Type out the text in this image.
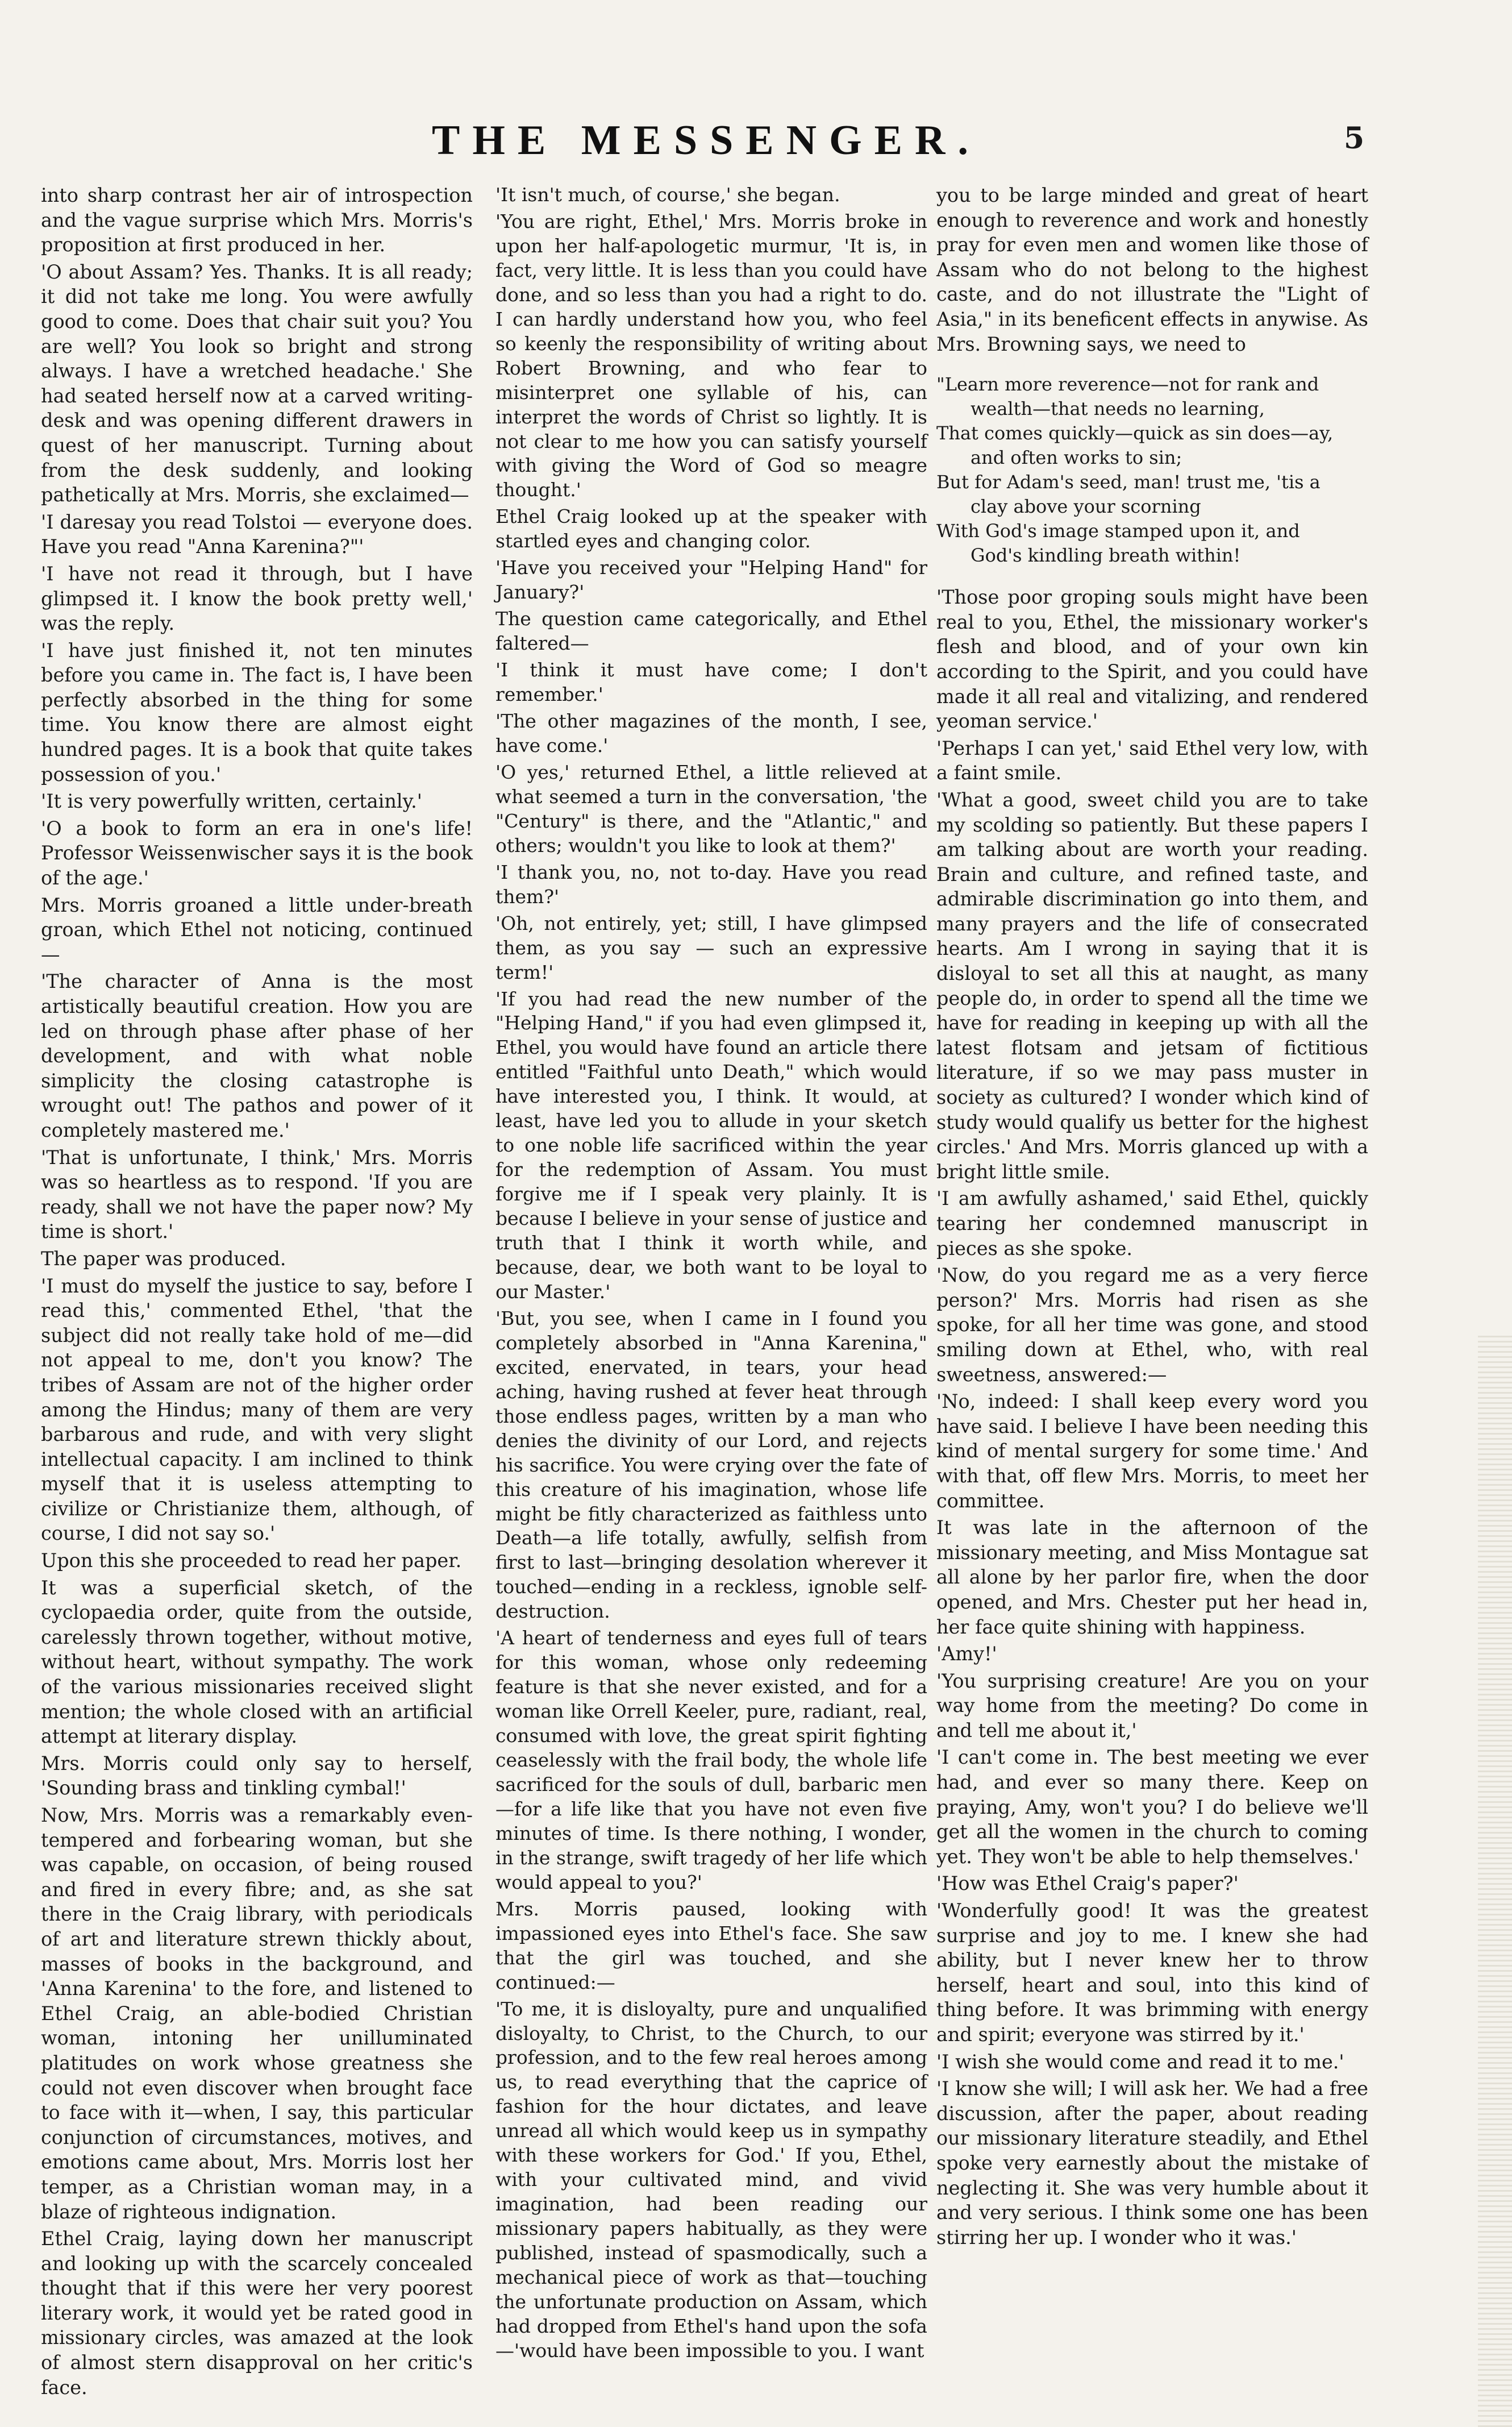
THE MESSENGER.	5

into sharp contrast her air of introspection and the vague surprise which Mrs. Morris's proposition at first produced in her.

'O about Assam? Yes. Thanks. It is all ready; it did not take me long. You were awfully good to come. Does that chair suit you? You are well? You look so bright and strong always. I have a wretched headache.' She had seated herself now at a carved writing-desk and was opening different drawers in quest of her manuscript. Turning about from the desk suddenly, and looking pathetically at Mrs. Morris, she exclaimed—

'I daresay you read Tolstoi — everyone does. Have you read "Anna Karenina?"'

'I have not read it through, but I have glimpsed it. I know the book pretty well,' was the reply.

'I have just finished it, not ten minutes before you came in. The fact is, I have been perfectly absorbed in the thing for some time. You know there are almost eight hundred pages. It is a book that quite takes possession of you.'

'It is very powerfully written, certainly.'

'O a book to form an era in one's life! Professor Weissenwischer says it is the book of the age.'

Mrs. Morris groaned a little under-breath groan, which Ethel not noticing, continued—

'The character of Anna is the most artistically beautiful creation. How you are led on through phase after phase of her development, and with what noble simplicity the closing catastrophe is wrought out! The pathos and power of it completely mastered me.'

'That is unfortunate, I think,' Mrs. Morris was so heartless as to respond. 'If you are ready, shall we not have the paper now? My time is short.'

The paper was produced.

'I must do myself the justice to say, before I read this,' commented Ethel, 'that the subject did not really take hold of me—did not appeal to me, don't you know? The tribes of Assam are not of the higher order among the Hindus; many of them are very barbarous and rude, and with very slight intellectual capacity. I am inclined to think myself that it is useless attempting to civilize or Christianize them, although, of course, I did not say so.'

Upon this she proceeded to read her paper.

It was a superficial sketch, of the cyclopaedia order, quite from the outside, carelessly thrown together, without motive, without heart, without sympathy. The work of the various missionaries received slight mention; the whole closed with an artificial attempt at literary display.

Mrs. Morris could only say to herself, 'Sounding brass and tinkling cymbal!'

Now, Mrs. Morris was a remarkably even-tempered and forbearing woman, but she was capable, on occasion, of being roused and fired in every fibre; and, as she sat there in the Craig library, with periodicals of art and literature strewn thickly about, masses of books in the background, and 'Anna Karenina' to the fore, and listened to Ethel Craig, an able-bodied Christian woman, intoning her unilluminated platitudes on work whose greatness she could not even discover when brought face to face with it—when, I say, this particular conjunction of circumstances, motives, and emotions came about, Mrs. Morris lost her temper, as a Christian woman may, in a blaze of righteous indignation.

Ethel Craig, laying down her manuscript and looking up with the scarcely concealed thought that if this were her very poorest literary work, it would yet be rated good in missionary circles, was amazed at the look of almost stern disapproval on her critic's face.

'It isn't much, of course,' she began.

'You are right, Ethel,' Mrs. Morris broke in upon her half-apologetic murmur, 'It is, in fact, very little. It is less than you could have done, and so less than you had a right to do. I can hardly understand how you, who feel so keenly the responsibility of writing about Robert Browning, and who fear to misinterpret one syllable of his, can interpret the words of Christ so lightly. It is not clear to me how you can satisfy yourself with giving the Word of God so meagre thought.'

Ethel Craig looked up at the speaker with startled eyes and changing color.

'Have you received your "Helping Hand" for January?'

The question came categorically, and Ethel faltered—

'I think it must have come; I don't remember.'

'The other magazines of the month, I see, have come.'

'O yes,' returned Ethel, a little relieved at what seemed a turn in the conversation, 'the "Century" is there, and the "Atlantic," and others; wouldn't you like to look at them?'

'I thank you, no, not to-day. Have you read them?'

'Oh, not entirely, yet; still, I have glimpsed them, as you say — such an expressive term!'

'If you had read the new number of the "Helping Hand," if you had even glimpsed it, Ethel, you would have found an article there entitled "Faithful unto Death," which would have interested you, I think. It would, at least, have led you to allude in your sketch to one noble life sacrificed within the year for the redemption of Assam. You must forgive me if I speak very plainly. It is because I believe in your sense of justice and truth that I think it worth while, and because, dear, we both want to be loyal to our Master.'

'But, you see, when I came in I found you completely absorbed in "Anna Karenina," excited, enervated, in tears, your head aching, having rushed at fever heat through those endless pages, written by a man who denies the divinity of our Lord, and rejects his sacrifice. You were crying over the fate of this creature of his imagination, whose life might be fitly characterized as faithless unto Death—a life totally, awfully, selfish from first to last—bringing desolation wherever it touched—ending in a reckless, ignoble self-destruction.

'A heart of tenderness and eyes full of tears for this woman, whose only redeeming feature is that she never existed, and for a woman like Orrell Keeler, pure, radiant, real, consumed with love, the great spirit fighting ceaselessly with the frail body, the whole life sacrificed for the souls of dull, barbaric men—for a life like that you have not even five minutes of time. Is there nothing, I wonder, in the strange, swift tragedy of her life which would appeal to you?'

Mrs. Morris paused, looking with impassioned eyes into Ethel's face. She saw that the girl was touched, and she continued:—

'To me, it is disloyalty, pure and unqualified disloyalty, to Christ, to the Church, to our profession, and to the few real heroes among us, to read everything that the caprice of fashion for the hour dictates, and leave unread all which would keep us in sympathy with these workers for God.' If you, Ethel, with your cultivated mind, and vivid imagination, had been reading our missionary papers habitually, as they were published, instead of spasmodically, such a mechanical piece of work as that—touching the unfortunate production on Assam, which had dropped from Ethel's hand upon the sofa—'would have been impossible to you. I want

you to be large minded and great of heart enough to reverence and work and honestly pray for even men and women like those of Assam who do not belong to the highest caste, and do not illustrate the "Light of Asia," in its beneficent effects in anywise. As Mrs. Browning says, we need to

"Learn more reverence—not for rank and
wealth—that needs no learning,
That comes quickly—quick as sin does—ay,
and often works to sin;
But for Adam's seed, man! trust me, 'tis a
clay above your scorning
With God's image stamped upon it, and
God's kindling breath within!

'Those poor groping souls might have been real to you, Ethel, the missionary worker's flesh and blood, and of your own kin according to the Spirit, and you could have made it all real and vitalizing, and rendered yeoman service.'

'Perhaps I can yet,' said Ethel very low, with a faint smile.

'What a good, sweet child you are to take my scolding so patiently. But these papers I am talking about are worth your reading. Brain and culture, and refined taste, and admirable discrimination go into them, and many prayers and the life of consecrated hearts. Am I wrong in saying that it is disloyal to set all this at naught, as many people do, in order to spend all the time we have for reading in keeping up with all the latest flotsam and jetsam of fictitious literature, if so we may pass muster in society as cultured? I wonder which kind of study would qualify us better for the highest circles.' And Mrs. Morris glanced up with a bright little smile.

'I am awfully ashamed,' said Ethel, quickly tearing her condemned manuscript in pieces as she spoke.

'Now, do you regard me as a very fierce person?' Mrs. Morris had risen as she spoke, for all her time was gone, and stood smiling down at Ethel, who, with real sweetness, answered:—

'No, indeed: I shall keep every word you have said. I believe I have been needing this kind of mental surgery for some time.' And with that, off flew Mrs. Morris, to meet her committee.

It was late in the afternoon of the missionary meeting, and Miss Montague sat all alone by her parlor fire, when the door opened, and Mrs. Chester put her head in, her face quite shining with happiness.

'Amy!'

'You surprising creature! Are you on your way home from the meeting? Do come in and tell me about it,'

'I can't come in. The best meeting we ever had, and ever so many there. Keep on praying, Amy, won't you? I do believe we'll get all the women in the church to coming yet. They won't be able to help themselves.'

'How was Ethel Craig's paper?'

'Wonderfully good! It was the greatest surprise and joy to me. I knew she had ability, but I never knew her to throw herself, heart and soul, into this kind of thing before. It was brimming with energy and spirit; everyone was stirred by it.'

'I wish she would come and read it to me.'

'I know she will; I will ask her. We had a free discussion, after the paper, about reading our missionary literature steadily, and Ethel spoke very earnestly about the mistake of neglecting it. She was very humble about it and very serious. I think some one has been stirring her up. I wonder who it was.'
